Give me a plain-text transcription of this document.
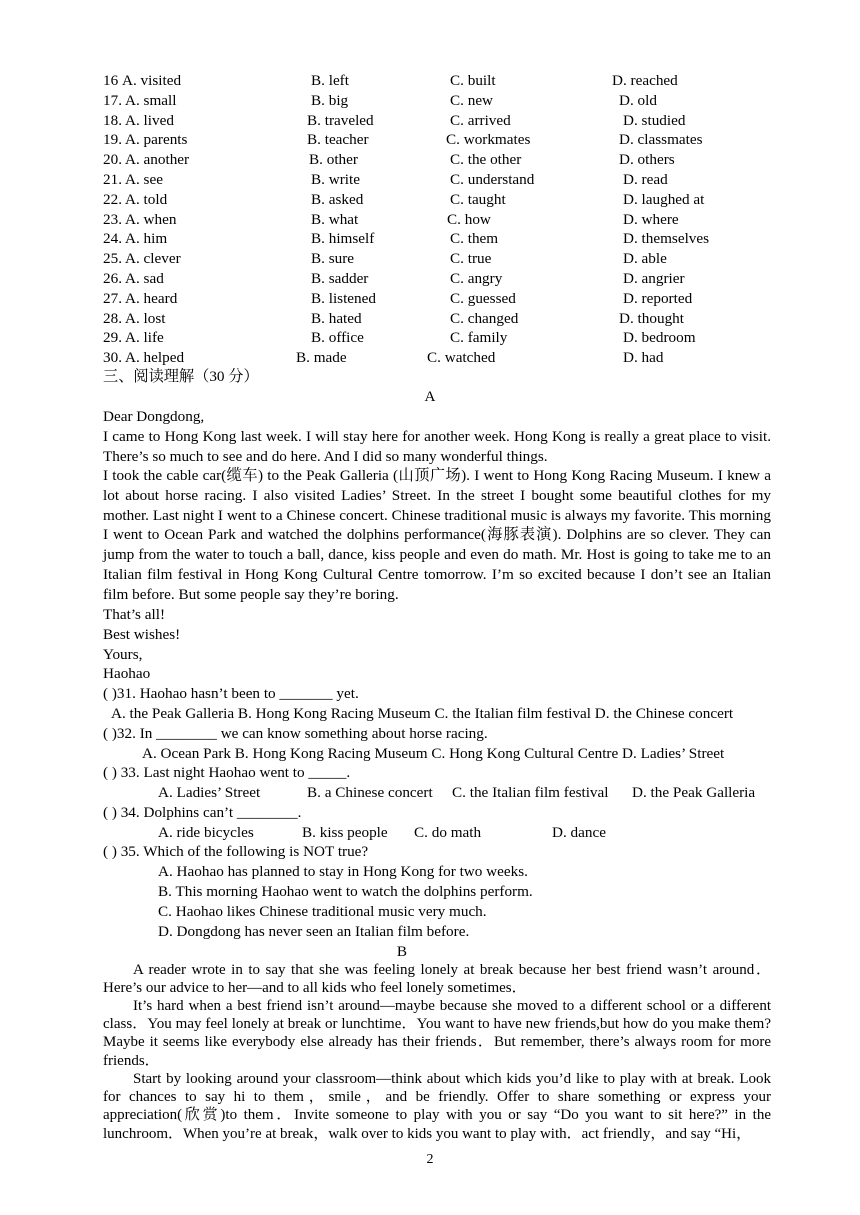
16 A. visited	B. left	C. built	D. reached
17. A. small	B. big	C. new	D. old
18. A. lived	B. traveled	C. arrived	D. studied
19. A. parents	B. teacher	C. workmates	D. classmates
20. A. another	B. other	C. the other	D. others
21. A. see	B. write	C. understand	D. read
22. A. told	B. asked	C. taught	D. laughed at
23. A. when	B. what	C. how	D. where
24. A. him	B. himself	C. them	D. themselves
25. A. clever	B. sure	C. true	D. able
26. A. sad	B. sadder	C. angry	D. angrier
27. A. heard	B. listened	C. guessed	D. reported
28. A. lost	B. hated	C. changed	D. thought
29. A. life	B. office	C. family	D. bedroom
30. A. helped	B. made	C. watched	D. had
三、阅读理解（30 分）
A
Dear Dongdong,
I came to Hong Kong last week. I will stay here for another week. Hong Kong is really a great place to visit. There’s so much to see and do here. And I did so many wonderful things.
I took the cable car(缆车) to the Peak Galleria (山顶广场). I went to Hong Kong Racing Museum. I knew a lot about horse racing. I also visited Ladies’ Street. In the street I bought some beautiful clothes for my mother. Last night I went to a Chinese concert. Chinese traditional music is always my favorite. This morning I went to Ocean Park and watched the dolphins performance(海豚表演). Dolphins are so clever. They can jump from the water to touch a ball, dance, kiss people and even do math. Mr. Host is going to take me to an Italian film festival in Hong Kong Cultural Centre tomorrow. I’m so excited because I don’t see an Italian film before. But some people say they’re boring.
That’s all!
Best wishes!
Yours,
Haohao
( )31. Haohao hasn’t been to _______ yet.
A. the Peak Galleria B. Hong Kong Racing Museum C. the Italian film festival D. the Chinese concert
( )32. In ________ we can know something about horse racing.
A. Ocean Park B. Hong Kong Racing Museum C. Hong Kong Cultural Centre D. Ladies’ Street
( ) 33. Last night Haohao went to _____.
A. Ladies’ Street	B. a Chinese concert C. the Italian film festival D. the Peak Galleria
( ) 34. Dolphins can’t ________.
A. ride bicycles	B. kiss people C. do math	D. dance
( ) 35. Which of the following is NOT true?
A. Haohao has planned to stay in Hong Kong for two weeks.
B. This morning Haohao went to watch the dolphins perform.
C. Haohao likes Chinese traditional music very much.
D. Dongdong has never seen an Italian film before.
B
A reader wrote in to say that she was feeling lonely at break because her best friend wasn’t around．Here’s our advice to her—and to all kids who feel lonely sometimes．
It’s hard when a best friend isn’t around—maybe because she moved to a different school or a different class．You may feel lonely at break or lunchtime．You want to have new friends,but how do you make them? Maybe it seems like everybody else already has their friends．But remember, there’s always room for more friends．
Start by looking around your classroom—think about which kids you’d like to play with at break. Look for chances to say hi to them，smile，and be friendly. Offer to share something or express your appreciation(欣赏)to them．Invite someone to play with you or say “Do you want to sit here?” in the lunchroom．When you’re at break，walk over to kids you want to play with．act friendly，and say “Hi，
2
